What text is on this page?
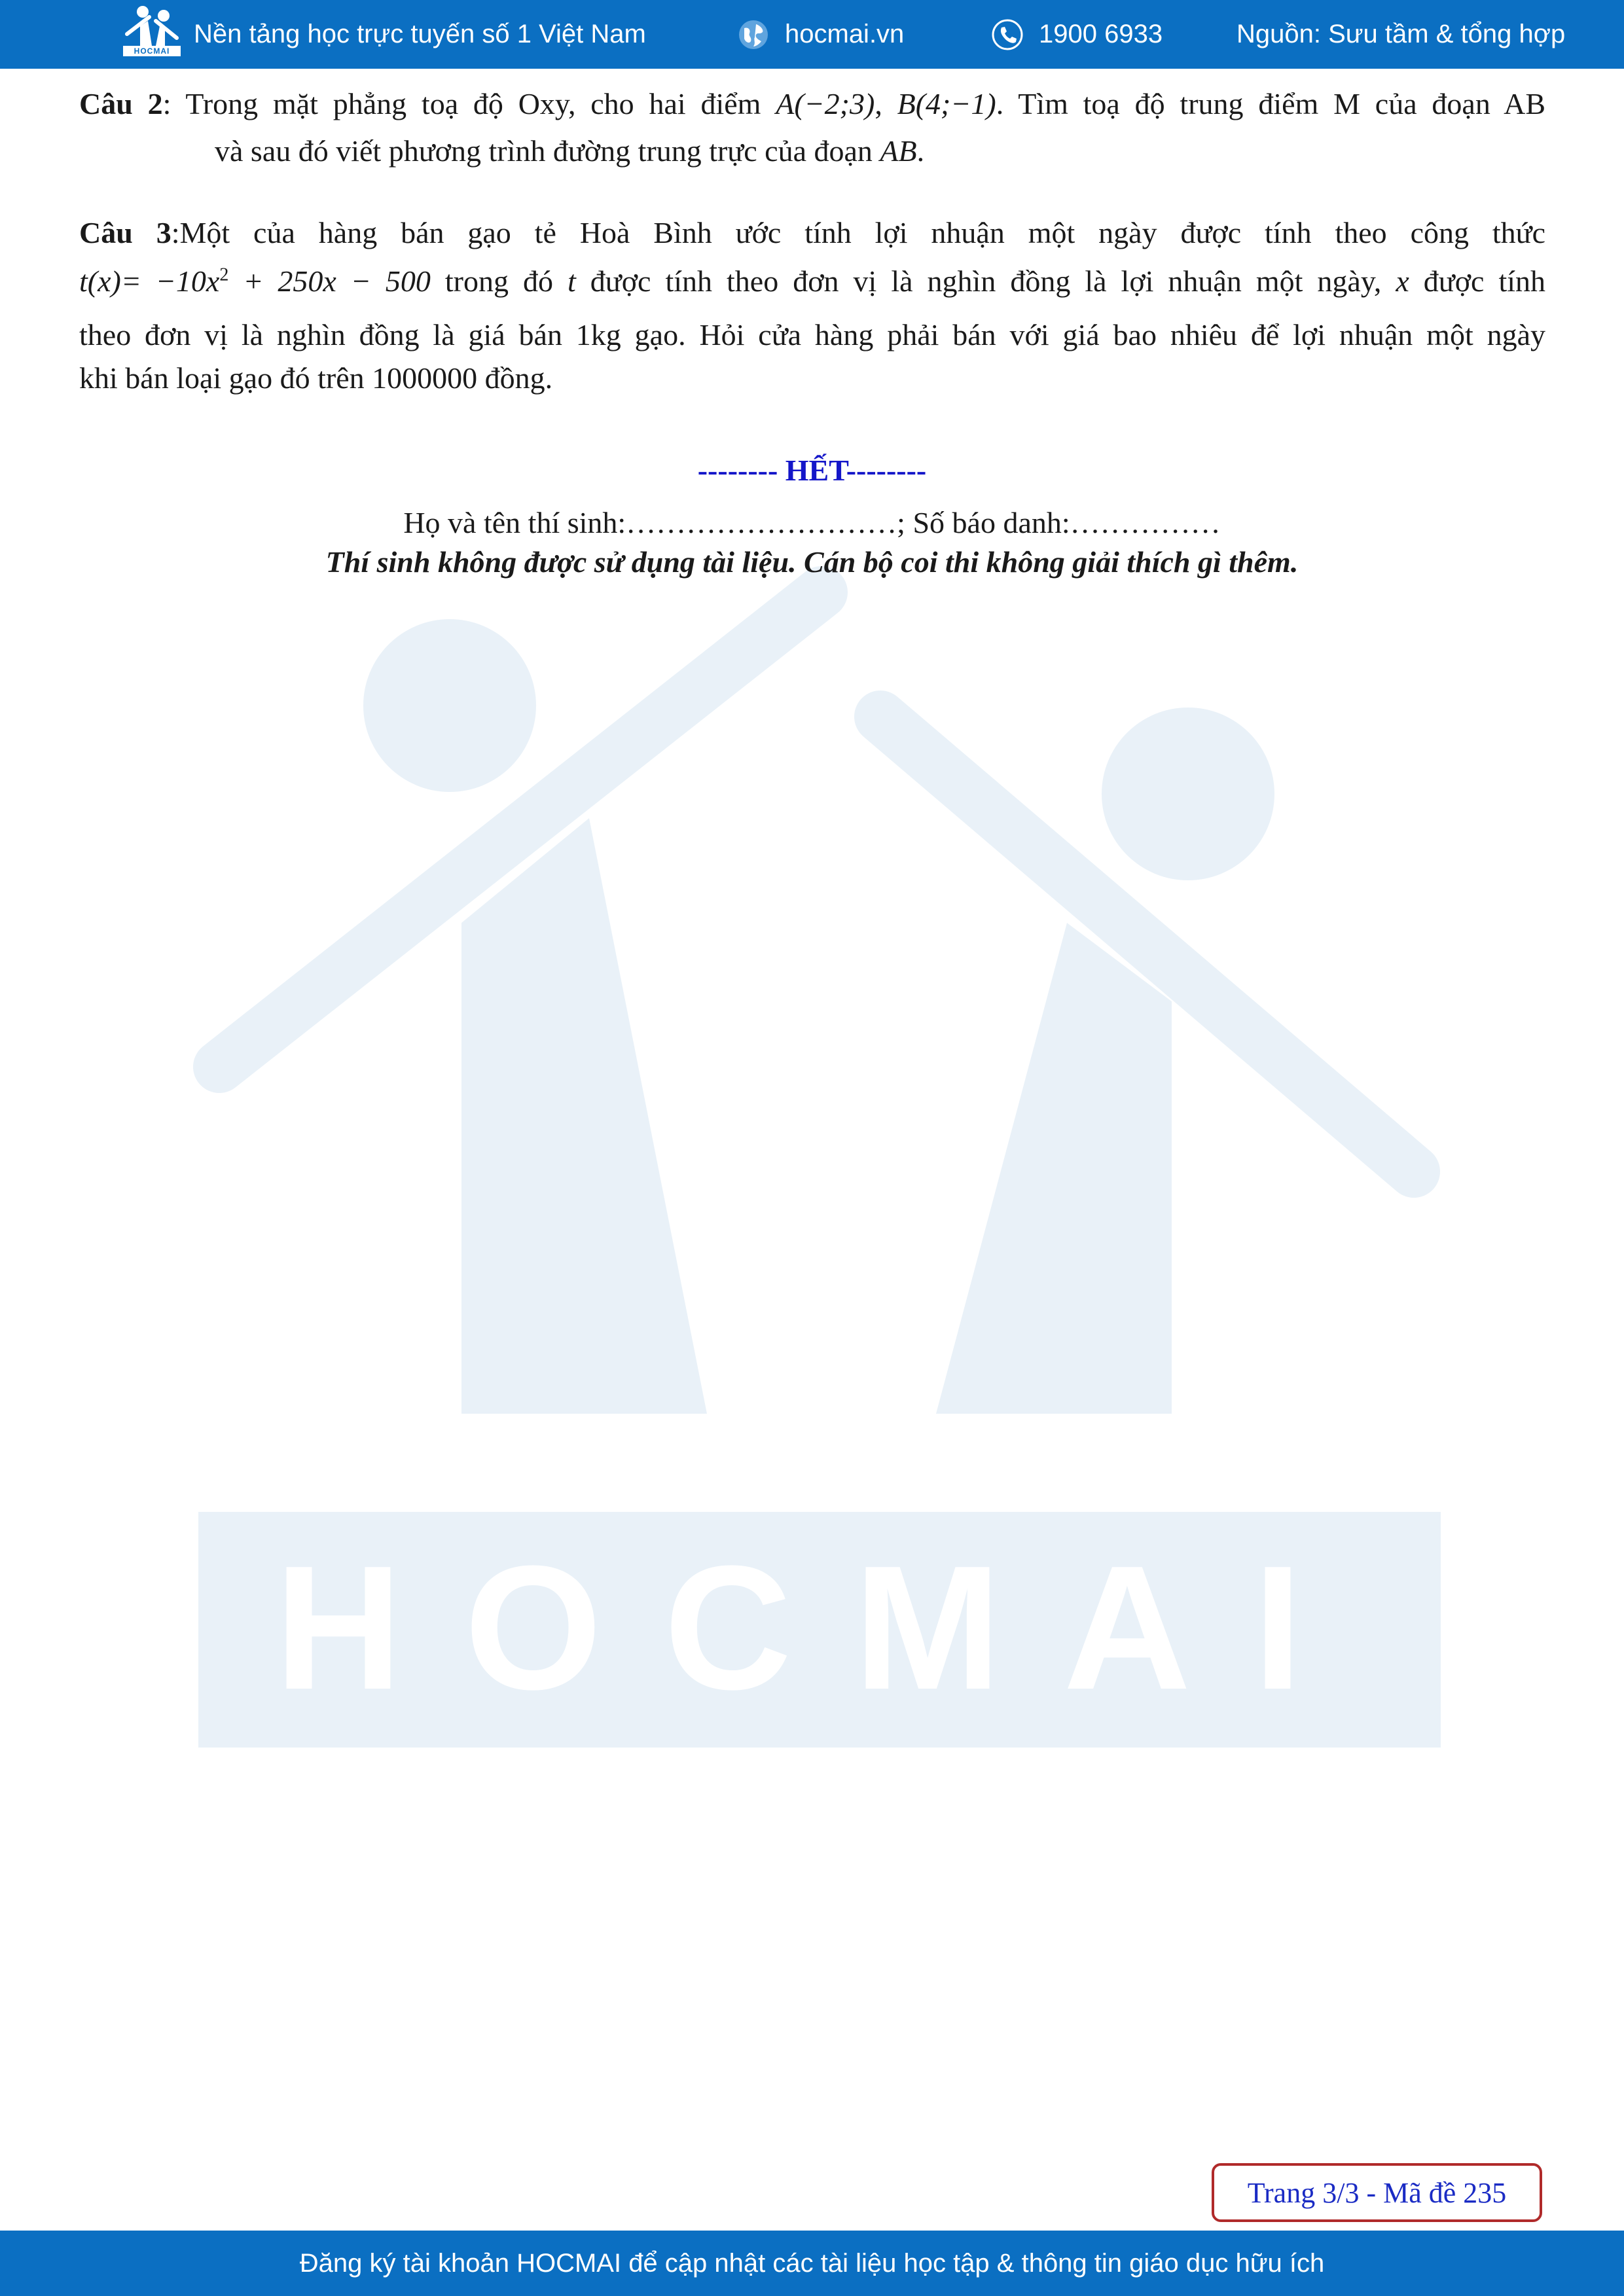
HOCMAI
HOCMAI
Nền tảng học trực tuyến số 1 Việt Nam	hocmai.vn	1900 6933	Nguồn: Sưu tầm & tổng hợp
Câu 2: Trong mặt phẳng toạ độ Oxy, cho hai điểm A(−2;3), B(4;−1). Tìm toạ độ trung điểm M của đoạn AB
và sau đó viết phương trình đường trung trực của đoạn AB.
Câu 3:Một của hàng bán gạo tẻ Hoà Bình ước tính lợi nhuận một ngày được tính theo công thức
$t(x)= -10x^2 + 250x - 500$ trong đó t được tính theo đơn vị là nghìn đồng là lợi nhuận một ngày, x được tính
theo đơn vị là nghìn đồng là giá bán 1kg gạo. Hỏi cửa hàng phải bán với giá bao nhiêu để lợi nhuận một ngày
khi bán loại gạo đó trên 1000000 đồng.
-------- HẾT--------
Họ và tên thí sinh:………………………; Số báo danh:……………
Thí sinh không được sử dụng tài liệu. Cán bộ coi thi không giải thích gì thêm.
Trang 3/3 - Mã đề 235
Đăng ký tài khoản HOCMAI để cập nhật các tài liệu học tập & thông tin giáo dục hữu ích
